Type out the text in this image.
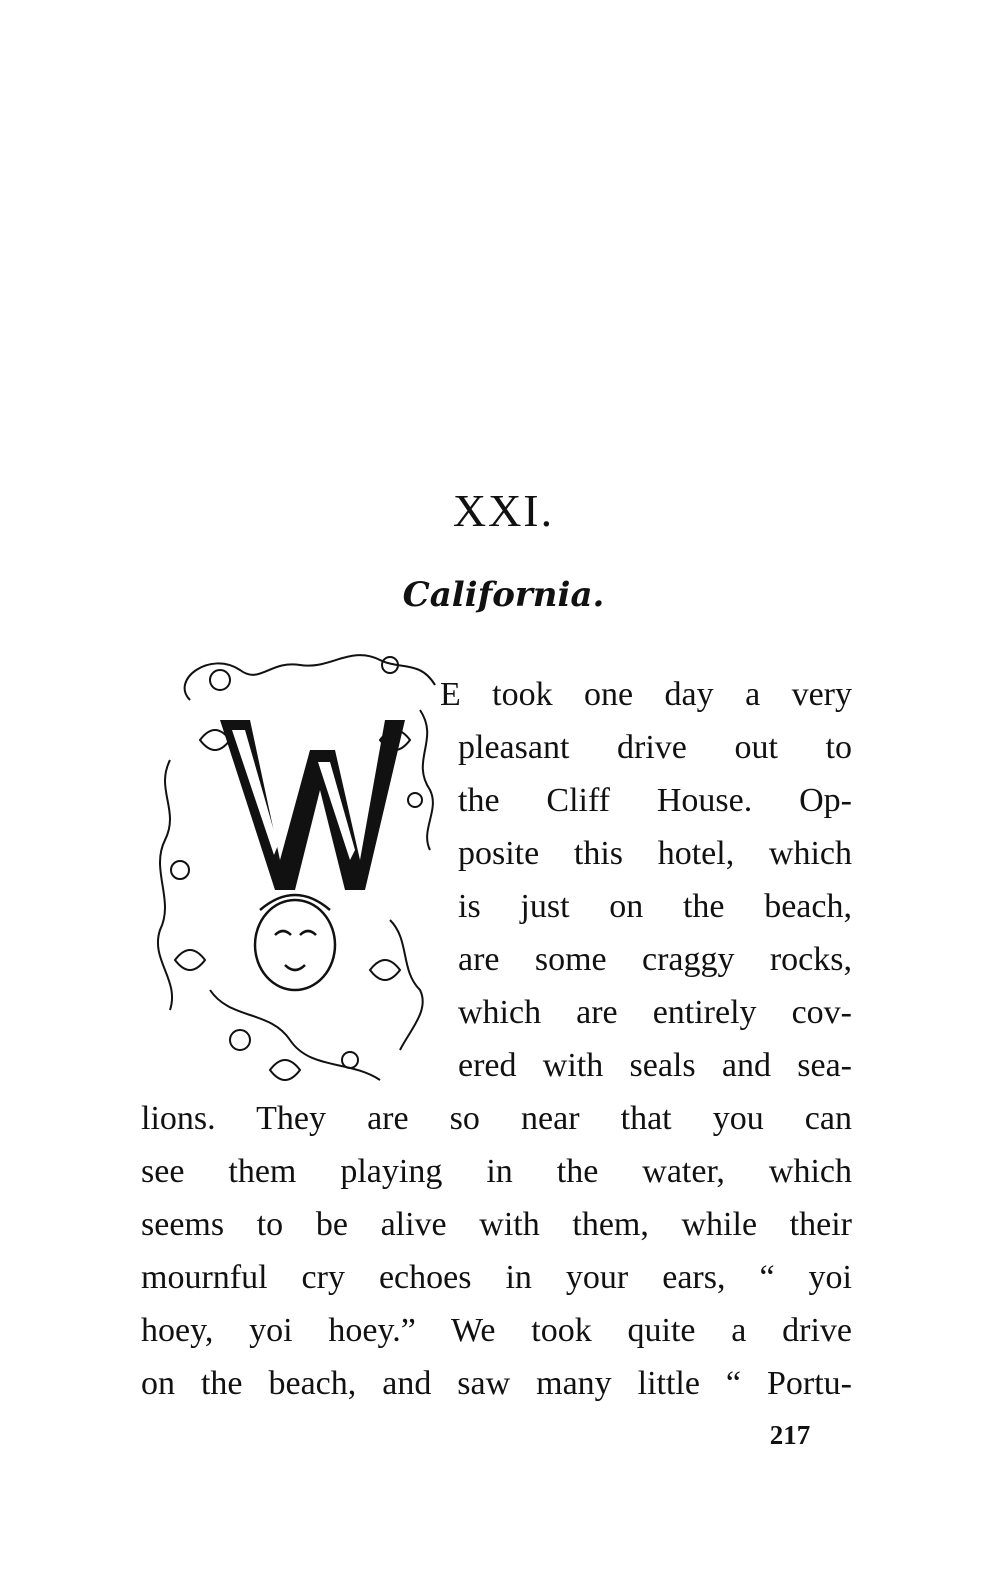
XXI.
California.
E took one day a very
pleasant drive out to
the Cliff House. Op-
posite this hotel, which
is just on the beach,
are some craggy rocks,
which are entirely cov-
ered with seals and sea-
lions. They are so near that you can
see them playing in the water, which
seems to be alive with them, while their
mournful cry echoes in your ears, “ yoi
hoey, yoi hoey.” We took quite a drive
on the beach, and saw many little “ Portu-
217
